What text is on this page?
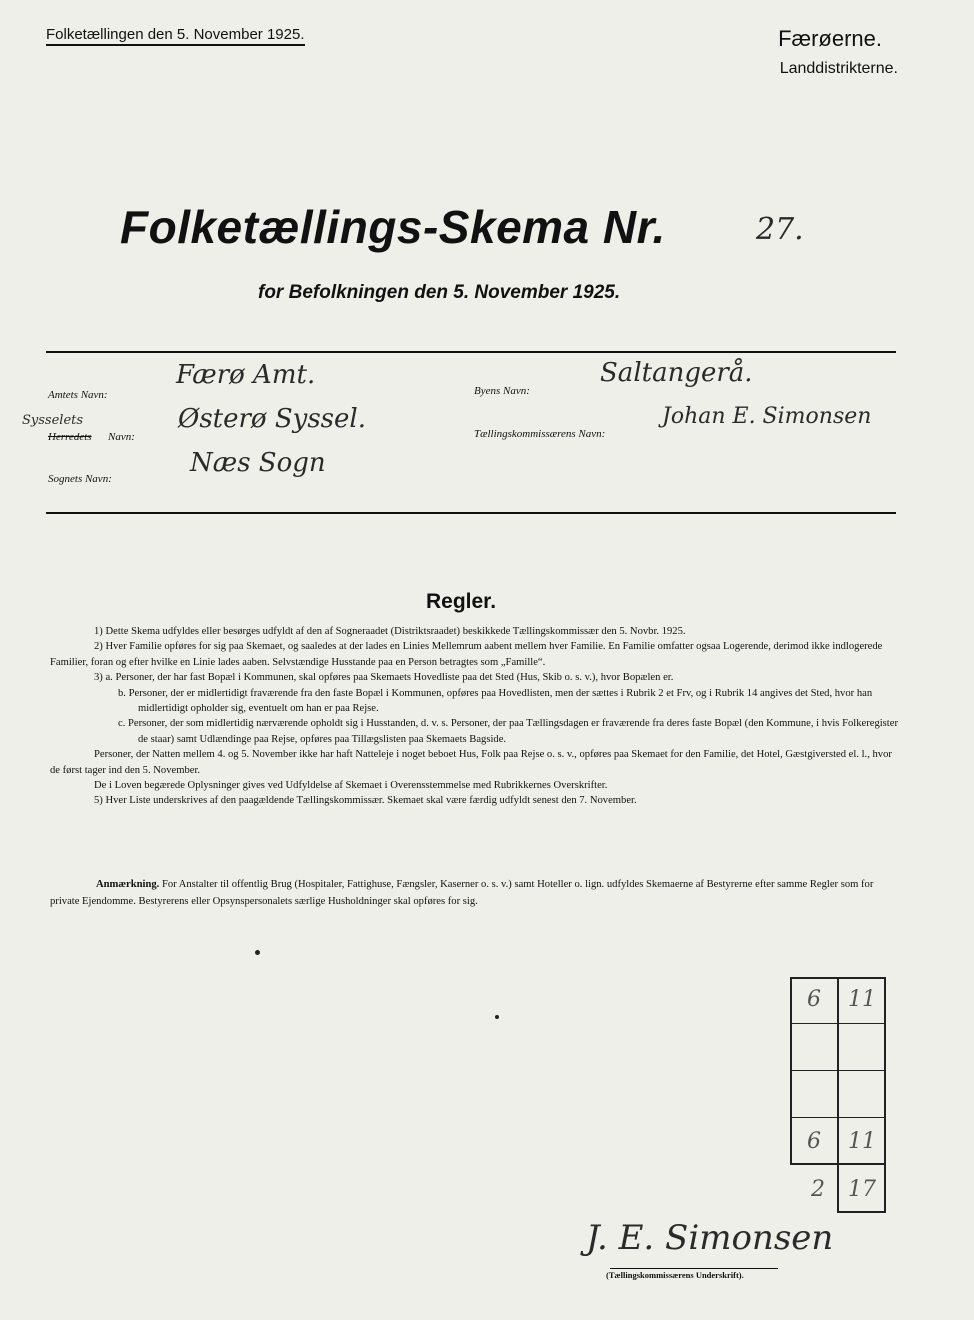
Folketællingen den 5. November 1925.	Færøerne.
Landdistrikterne.
Folketællings-Skema Nr.	27.
for Befolkningen den 5. November 1925.
Amtets Navn:
Færø Amt.
Sysselets
Herredets Navn:
Østerø Syssel.
Sognets Navn:
Næs Sogn
Byens Navn:
Saltangerå.
Tællingskommissærens Navn:
Johan E. Simonsen
Regler.

1) Dette Skema udfyldes eller besørges udfyldt af den af Sogneraadet (Distriktsraadet) beskikkede Tællingskommissær den 5. Novbr. 1925.

2) Hver Familie opføres for sig paa Skemaet, og saaledes at der lades en Linies Mellemrum aabent mellem hver Familie. En Familie omfatter ogsaa Logerende, derimod ikke indlogerede Familier, foran og efter hvilke en Linie lades aaben. Selvstændige Husstande paa en Person betragtes som „Famille“.

3) a. Personer, der har fast Bopæl i Kommunen, skal opføres paa Skemaets Hovedliste paa det Sted (Hus, Skib o. s. v.), hvor Bopælen er.

b. Personer, der er midlertidigt fraværende fra den faste Bopæl i Kommunen, opføres paa Hovedlisten, men der sættes i Rubrik 2 et Frv, og i Rubrik 14 angives det Sted, hvor han midlertidigt opholder sig, eventuelt om han er paa Rejse.

c. Personer, der som midlertidig nærværende opholdt sig i Husstanden, d. v. s. Personer, der paa Tællingsdagen er fraværende fra deres faste Bopæl (den Kommune, i hvis Folkeregister de staar) samt Udlændinge paa Rejse, opføres paa Tillægslisten paa Skemaets Bagside.

Personer, der Natten mellem 4. og 5. November ikke har haft Natteleje i noget beboet Hus, Folk paa Rejse o. s. v., opføres paa Skemaet for den Familie, det Hotel, Gæstgiversted el. l., hvor de først tager ind den 5. November.

De i Loven begærede Oplysninger gives ved Udfyldelse af Skemaet i Overensstemmelse med Rubrikkernes Overskrifter.

5) Hver Liste underskrives af den paagældende Tællingskommissær. Skemaet skal være færdig udfyldt senest den 7. November.

Anmærkning. For Anstalter til offentlig Brug (Hospitaler, Fattighuse, Fængsler, Kaserner o. s. v.) samt Hoteller o. lign. udfyldes Skemaerne af Bestyrerne efter samme Regler som for private Ejendomme. Bestyrerens eller Opsynspersonalets særlige Husholdninger skal opføres for sig.

6	11
6	11
2	17
J. E. Simonsen
(Tællingskommissærens Underskrift).
